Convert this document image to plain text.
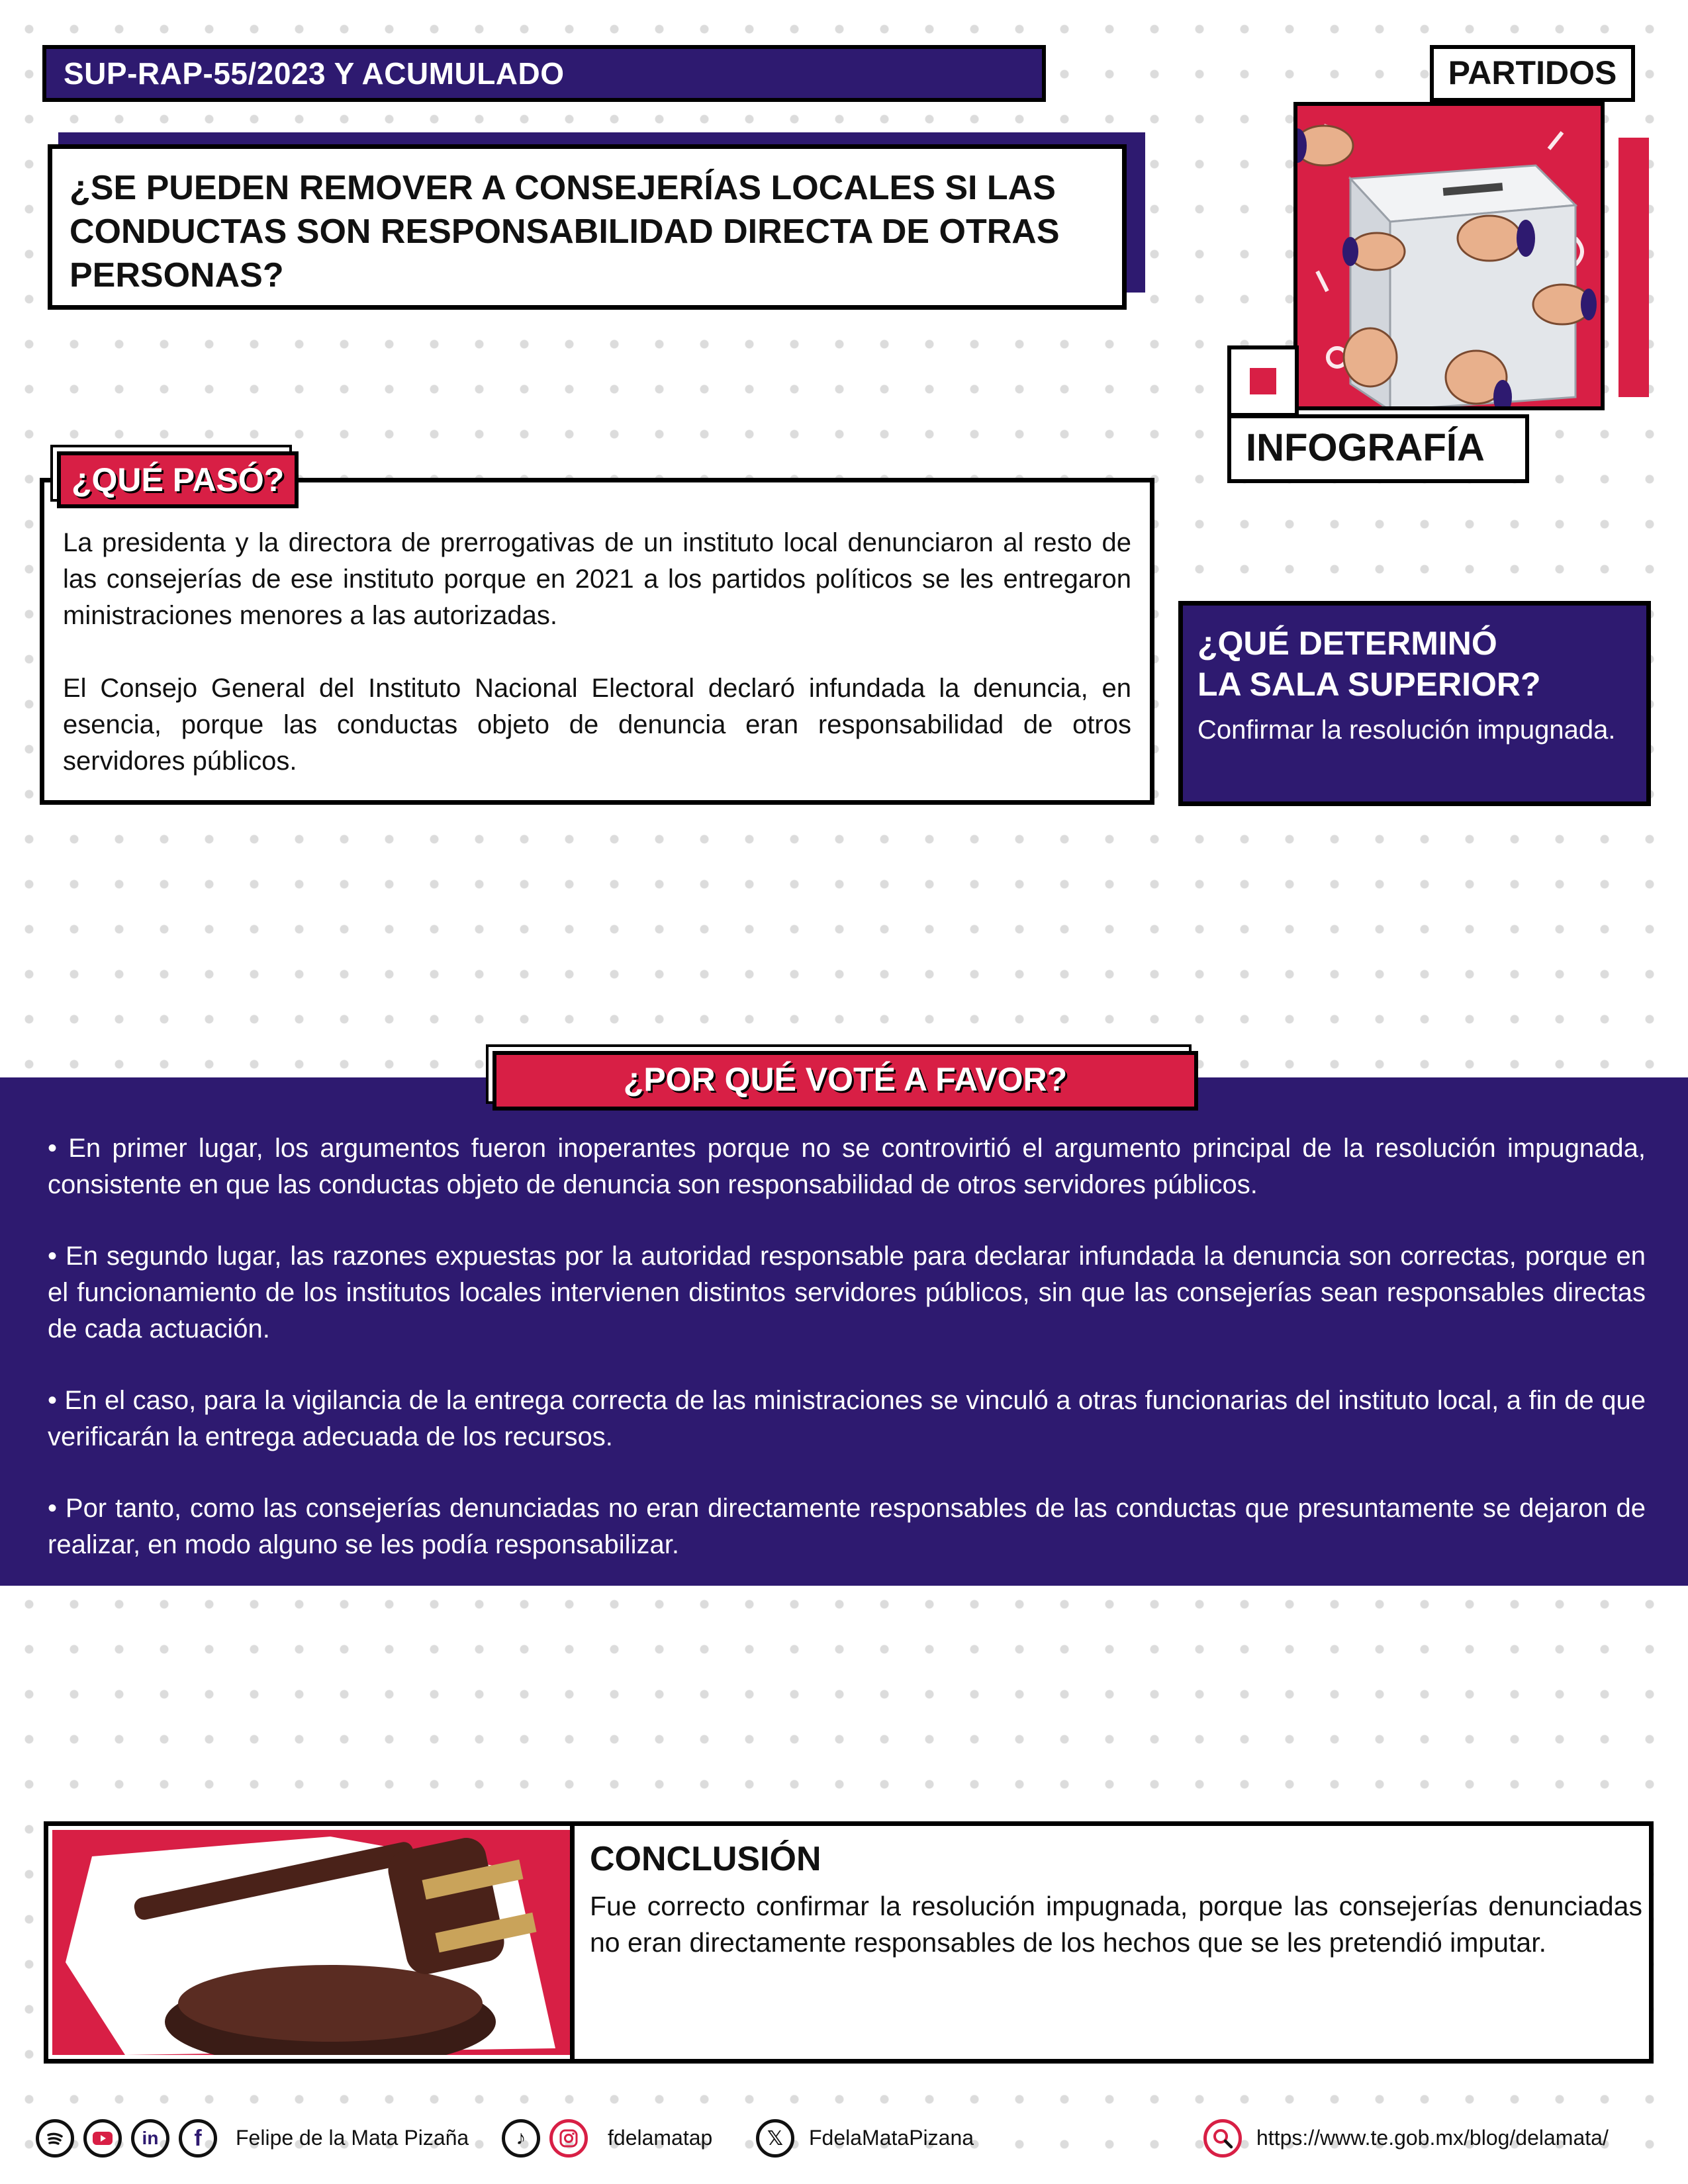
SUP-RAP-55/2023 Y ACUMULADO
¿SE PUEDEN REMOVER A CONSEJERÍAS LOCALES SI LAS CONDUCTAS SON RESPONSABILIDAD DIRECTA DE OTRAS PERSONAS?
PARTIDOS
INFOGRAFÍA

La presidenta y la directora de prerrogativas de un instituto local denunciaron al resto de las consejerías de ese instituto porque en 2021 a los partidos políticos se les entregaron ministraciones menores a las autorizadas.

El Consejo General del Instituto Nacional Electoral declaró infundada la denuncia, en esencia, porque las conductas objeto de denuncia eran responsabilidad de otros servidores públicos.

¿QUÉ PASÓ?
¿QUÉ DETERMINÓ
LA SALA SUPERIOR?
Confirmar la resolución impugnada.

• En primer lugar, los argumentos fueron inoperantes porque no se controvirtió el argumento principal de la resolución impugnada, consistente en que las conductas objeto de denuncia son responsabilidad de otros servidores públicos.

• En segundo lugar, las razones expuestas por la autoridad responsable para declarar infundada la denuncia son correctas, porque en el funcionamiento de los institutos locales intervienen distintos servidores públicos, sin que las consejerías sean responsables directas de cada actuación.

• En el caso, para la vigilancia de la entrega correcta de las ministraciones se vinculó a otras funcionarias del instituto local, a fin de que verificarán la entrega adecuada de los recursos.

• Por tanto, como las consejerías denunciadas no eran directamente responsables de las conductas que presuntamente se dejaron de realizar, en modo alguno se les podía responsabilizar.

¿POR QUÉ VOTÉ A FAVOR?
CONCLUSIÓN
Fue correcto confirmar la resolución impugnada, porque las consejerías denunciadas no eran directamente responsables de los hechos que se les pretendió imputar.
in f Felipe de la Mata Pizaña ♪	fdelamatap	𝕏 FdelaMataPizana	https://www.te.gob.mx/blog/delamata/
